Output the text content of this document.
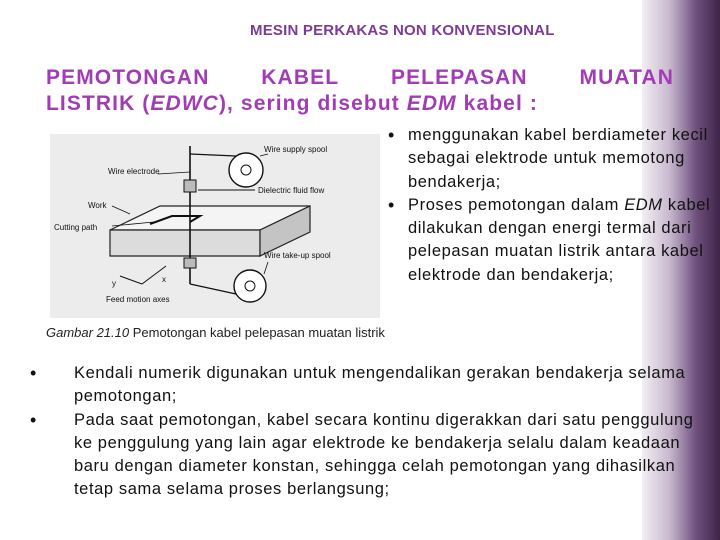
MESIN PERKAKAS NON KONVENSIONAL
PEMOTONGAN KABEL PELEPASAN MUATAN
LISTRIK (EDWC), sering disebut EDM kabel :
Wire supply spool
Wire electrode
Dielectric fluid flow
Work
Cutting path
Wire take-up spool
y	x
Feed motion axes
Gambar 21.10 Pemotongan kabel pelepasan muatan listrik
• menggunakan kabel berdiameter kecil sebagai elektrode untuk memotong bendakerja;
• Proses pemotongan dalam EDM kabel dilakukan dengan energi termal dari pelepasan muatan listrik antara kabel elektrode dan bendakerja;
• Kendali numerik digunakan untuk mengendalikan gerakan bendakerja selama pemotongan;
• Pada saat pemotongan, kabel secara kontinu digerakkan dari satu penggulung ke penggulung yang lain agar elektrode ke bendakerja selalu dalam keadaan baru dengan diameter konstan, sehingga celah pemotongan yang dihasilkan tetap sama selama proses berlangsung;
